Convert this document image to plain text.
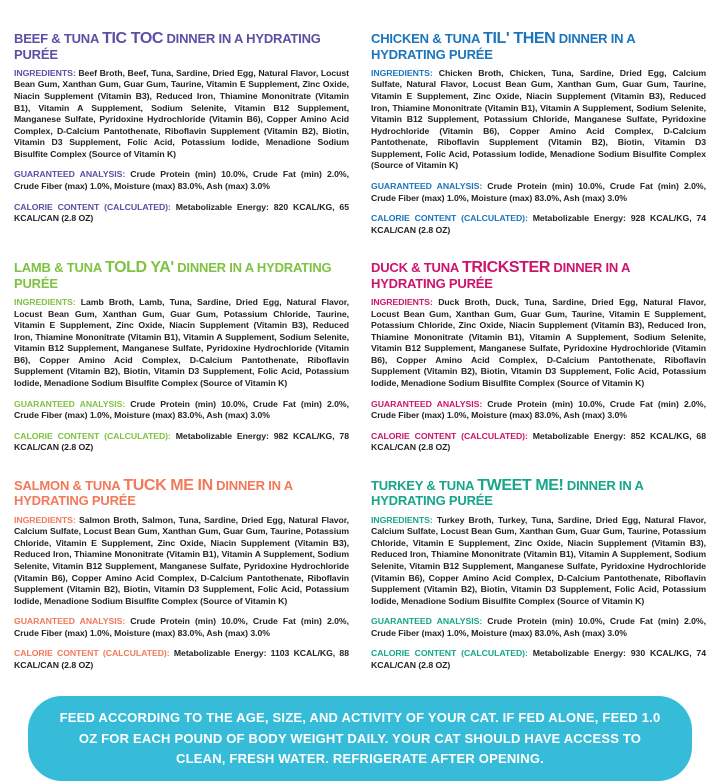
BEEF & TUNA TIC TOC DINNER IN A HYDRATING PURÉE

INGREDIENTS: Beef Broth, Beef, Tuna, Sardine, Dried Egg, Natural Flavor, Locust Bean Gum, Xanthan Gum, Guar Gum, Taurine, Vitamin E Supplement, Zinc Oxide, Niacin Supplement (Vitamin B3), Reduced Iron, Thiamine Mononitrate (Vitamin B1), Vitamin A Supplement, Sodium Selenite, Vitamin B12 Supplement, Manganese Sulfate, Pyridoxine Hydrochloride (Vitamin B6), Copper Amino Acid Complex, D-Calcium Pantothenate, Riboflavin Supplement (Vitamin B2), Biotin, Vitamin D3 Supplement, Folic Acid, Potassium Iodide, Menadione Sodium Bisulfite Complex (Source of Vitamin K)

GUARANTEED ANALYSIS: Crude Protein (min) 10.0%, Crude Fat (min) 2.0%, Crude Fiber (max) 1.0%, Moisture (max) 83.0%, Ash (max) 3.0%

CALORIE CONTENT (CALCULATED): Metabolizable Energy: 820 KCAL/KG, 65 KCAL/CAN (2.8 OZ)

CHICKEN & TUNA TIL' THEN DINNER IN A HYDRATING PURÉE

INGREDIENTS: Chicken Broth, Chicken, Tuna, Sardine, Dried Egg, Calcium Sulfate, Natural Flavor, Locust Bean Gum, Xanthan Gum, Guar Gum, Taurine, Vitamin E Supplement, Zinc Oxide, Niacin Supplement (Vitamin B3), Reduced Iron, Thiamine Mononitrate (Vitamin B1), Vitamin A Supplement, Sodium Selenite, Vitamin B12 Supplement, Potassium Chloride, Manganese Sulfate, Pyridoxine Hydrochloride (Vitamin B6), Copper Amino Acid Complex, D-Calcium Pantothenate, Riboflavin Supplement (Vitamin B2), Biotin, Vitamin D3 Supplement, Folic Acid, Potassium Iodide, Menadione Sodium Bisulfite Complex (Source of Vitamin K)

GUARANTEED ANALYSIS: Crude Protein (min) 10.0%, Crude Fat (min) 2.0%, Crude Fiber (max) 1.0%, Moisture (max) 83.0%, Ash (max) 3.0%

CALORIE CONTENT (CALCULATED): Metabolizable Energy: 928 KCAL/KG, 74 KCAL/CAN (2.8 OZ)

LAMB & TUNA TOLD YA' DINNER IN A HYDRATING PURÉE

INGREDIENTS: Lamb Broth, Lamb, Tuna, Sardine, Dried Egg, Natural Flavor, Locust Bean Gum, Xanthan Gum, Guar Gum, Potassium Chloride, Taurine, Vitamin E Supplement, Zinc Oxide, Niacin Supplement (Vitamin B3), Reduced Iron, Thiamine Mononitrate (Vitamin B1), Vitamin A Supplement, Sodium Selenite, Vitamin B12 Supplement, Manganese Sulfate, Pyridoxine Hydrochloride (Vitamin B6), Copper Amino Acid Complex, D-Calcium Pantothenate, Riboflavin Supplement (Vitamin B2), Biotin, Vitamin D3 Supplement, Folic Acid, Potassium Iodide, Menadione Sodium Bisulfite Complex (Source of Vitamin K)

GUARANTEED ANALYSIS: Crude Protein (min) 10.0%, Crude Fat (min) 2.0%, Crude Fiber (max) 1.0%, Moisture (max) 83.0%, Ash (max) 3.0%

CALORIE CONTENT (CALCULATED): Metabolizable Energy: 982 KCAL/KG, 78 KCAL/CAN (2.8 OZ)

DUCK & TUNA TRICKSTER DINNER IN A HYDRATING PURÉE

INGREDIENTS: Duck Broth, Duck, Tuna, Sardine, Dried Egg, Natural Flavor, Locust Bean Gum, Xanthan Gum, Guar Gum, Taurine, Vitamin E Supplement, Potassium Chloride, Zinc Oxide, Niacin Supplement (Vitamin B3), Reduced Iron, Thiamine Mononitrate (Vitamin B1), Vitamin A Supplement, Sodium Selenite, Vitamin B12 Supplement, Manganese Sulfate, Pyridoxine Hydrochloride (Vitamin B6), Copper Amino Acid Complex, D-Calcium Pantothenate, Riboflavin Supplement (Vitamin B2), Biotin, Vitamin D3 Supplement, Folic Acid, Potassium Iodide, Menadione Sodium Bisulfite Complex (Source of Vitamin K)

GUARANTEED ANALYSIS: Crude Protein (min) 10.0%, Crude Fat (min) 2.0%, Crude Fiber (max) 1.0%, Moisture (max) 83.0%, Ash (max) 3.0%

CALORIE CONTENT (CALCULATED): Metabolizable Energy: 852 KCAL/KG, 68 KCAL/CAN (2.8 OZ)

SALMON & TUNA TUCK ME IN DINNER IN A HYDRATING PURÉE

INGREDIENTS: Salmon Broth, Salmon, Tuna, Sardine, Dried Egg, Natural Flavor, Calcium Sulfate, Locust Bean Gum, Xanthan Gum, Guar Gum, Taurine, Potassium Chloride, Vitamin E Supplement, Zinc Oxide, Niacin Supplement (Vitamin B3), Reduced Iron, Thiamine Mononitrate (Vitamin B1), Vitamin A Supplement, Sodium Selenite, Vitamin B12 Supplement, Manganese Sulfate, Pyridoxine Hydrochloride (Vitamin B6), Copper Amino Acid Complex, D-Calcium Pantothenate, Riboflavin Supplement (Vitamin B2), Biotin, Vitamin D3 Supplement, Folic Acid, Potassium Iodide, Menadione Sodium Bisulfite Complex (Source of Vitamin K)

GUARANTEED ANALYSIS: Crude Protein (min) 10.0%, Crude Fat (min) 2.0%, Crude Fiber (max) 1.0%, Moisture (max) 83.0%, Ash (max) 3.0%

CALORIE CONTENT (CALCULATED): Metabolizable Energy: 1103 KCAL/KG, 88 KCAL/CAN (2.8 OZ)

TURKEY & TUNA TWEET ME! DINNER IN A HYDRATING PURÉE

INGREDIENTS: Turkey Broth, Turkey, Tuna, Sardine, Dried Egg, Natural Flavor, Calcium Sulfate, Locust Bean Gum, Xanthan Gum, Guar Gum, Taurine, Potassium Chloride, Vitamin E Supplement, Zinc Oxide, Niacin Supplement (Vitamin B3), Reduced Iron, Thiamine Mononitrate (Vitamin B1), Vitamin A Supplement, Sodium Selenite, Vitamin B12 Supplement, Manganese Sulfate, Pyridoxine Hydrochloride (Vitamin B6), Copper Amino Acid Complex, D-Calcium Pantothenate, Riboflavin Supplement (Vitamin B2), Biotin, Vitamin D3 Supplement, Folic Acid, Potassium Iodide, Menadione Sodium Bisulfite Complex (Source of Vitamin K)

GUARANTEED ANALYSIS: Crude Protein (min) 10.0%, Crude Fat (min) 2.0%, Crude Fiber (max) 1.0%, Moisture (max) 83.0%, Ash (max) 3.0%

CALORIE CONTENT (CALCULATED): Metabolizable Energy: 930 KCAL/KG, 74 KCAL/CAN (2.8 OZ)

FEED ACCORDING TO THE AGE, SIZE, AND ACTIVITY OF YOUR CAT. IF FED ALONE, FEED 1.0 OZ FOR EACH POUND OF BODY WEIGHT DAILY. YOUR CAT SHOULD HAVE ACCESS TO CLEAN, FRESH WATER. REFRIGERATE AFTER OPENING.
